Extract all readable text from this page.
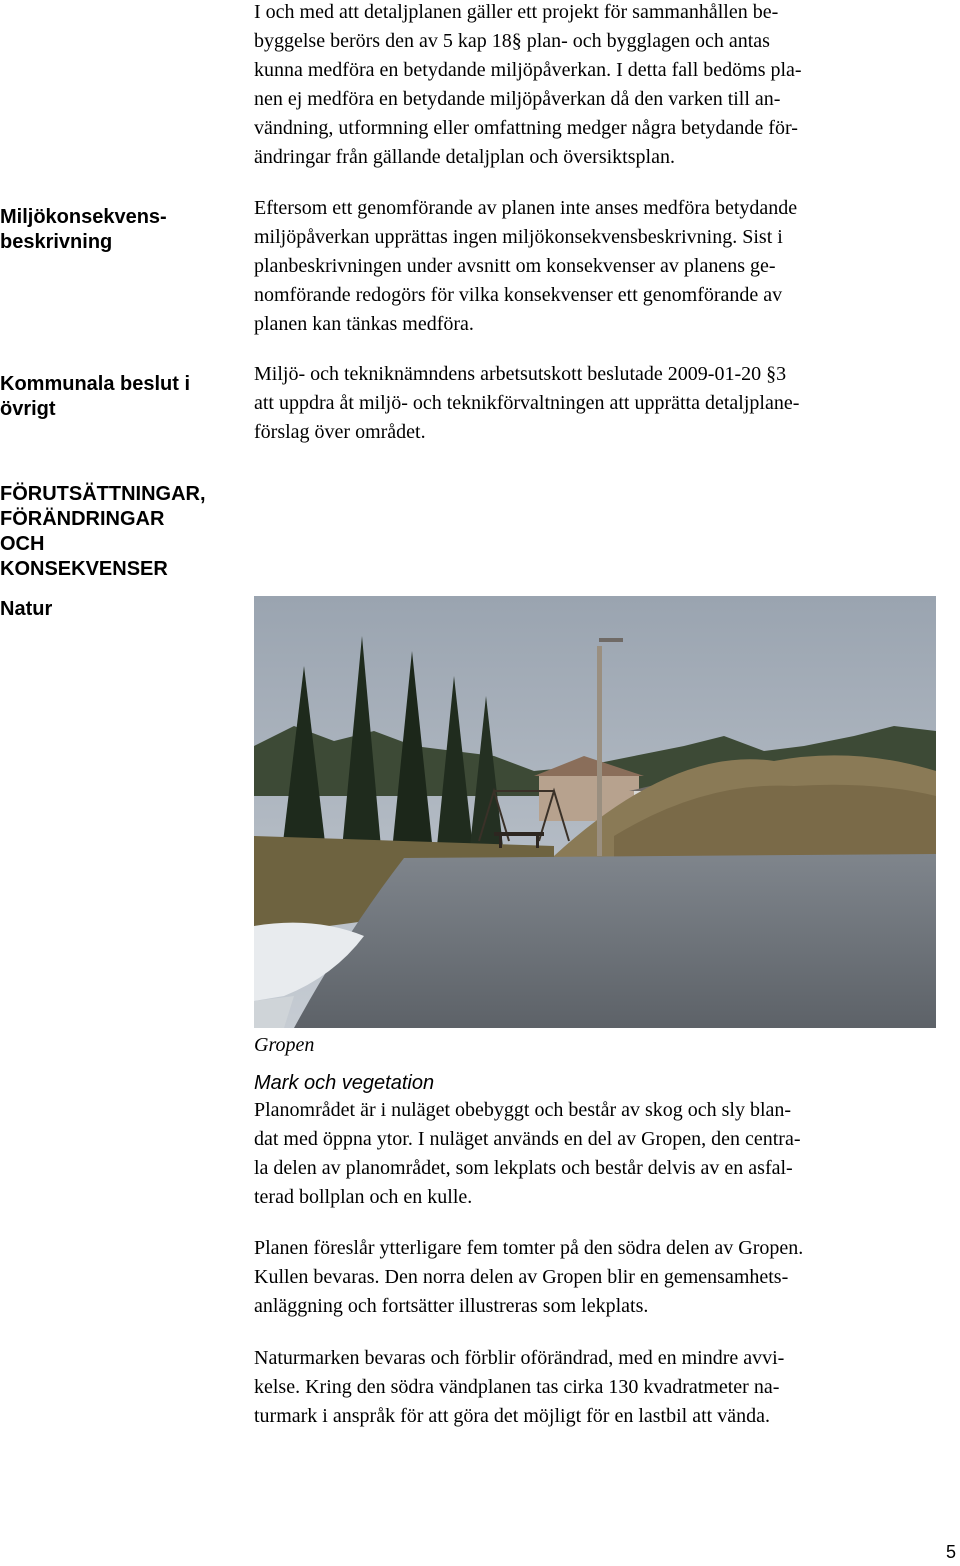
I och med att detaljplanen gäller ett projekt för sammanhållen be-

byggelse berörs den av 5 kap 18§ plan- och bygglagen och antas

kunna medföra en betydande miljöpåverkan. I detta fall bedöms pla-

nen ej medföra en betydande miljöpåverkan då den varken till an-

vändning, utformning eller omfattning medger några betydande för-

ändringar från gällande detaljplan och översiktsplan.

Miljökonsekvens-
beskrivning

Eftersom ett genomförande av planen inte anses medföra betydande

miljöpåverkan upprättas ingen miljökonsekvensbeskrivning. Sist i

planbeskrivningen under avsnitt om konsekvenser av planens ge-

nomförande redogörs för vilka konsekvenser ett genomförande av

planen kan tänkas medföra.

Kommunala beslut i
övrigt

Miljö- och tekniknämndens arbetsutskott beslutade 2009-01-20 §3

att uppdra åt miljö- och teknikförvaltningen att upprätta detaljplane-

förslag över området.

FÖRUTSÄTTNINGAR,
FÖRÄNDRINGAR
OCH
KONSEKVENSER
Natur
Gropen
Mark och vegetation

Planområdet är i nuläget obebyggt och består av skog och sly blan-

dat med öppna ytor. I nuläget används en del av Gropen, den centra-

la delen av planområdet, som lekplats och består delvis av en asfal-

terad bollplan och en kulle.

Planen föreslår ytterligare fem tomter på den södra delen av Gropen.

Kullen bevaras. Den norra delen av Gropen blir en gemensamhets-

anläggning och fortsätter illustreras som lekplats.

Naturmarken bevaras och förblir oförändrad, med en mindre avvi-

kelse. Kring den södra vändplanen tas cirka 130 kvadratmeter na-

turmark i anspråk för att göra det möjligt för en lastbil att vända.

5
